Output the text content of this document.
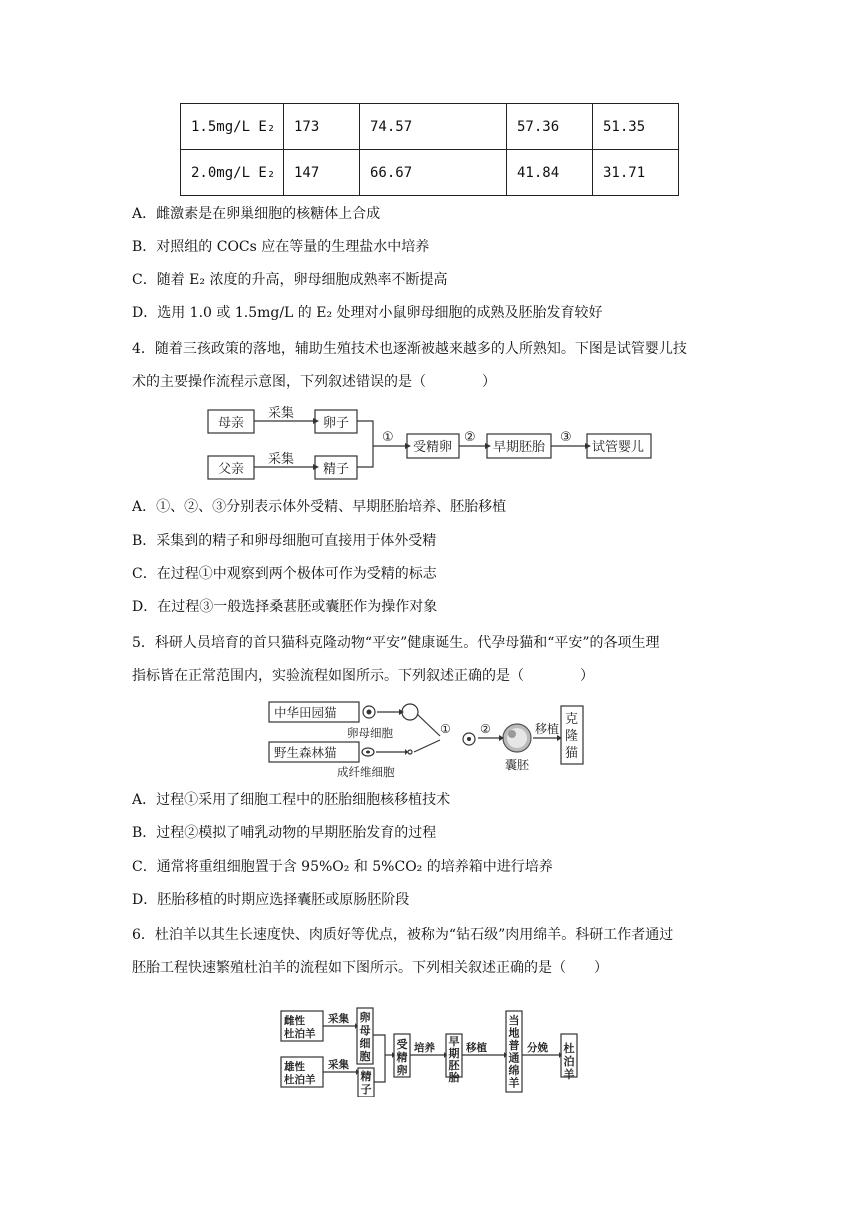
1.5mg/L E₂	173	74.57	57.36	51.35
2.0mg/L E₂	147	66.67	41.84	31.71
A．雌激素是在卵巢细胞的核糖体上合成
B．对照组的 COCs 应在等量的生理盐水中培养
C．随着 E₂ 浓度的升高，卵母细胞成熟率不断提高
D．选用 1.0 或 1.5mg/L 的 E₂ 处理对小鼠卵母细胞的成熟及胚胎发育较好
4．随着三孩政策的落地，辅助生殖技术也逐渐被越来越多的人所熟知。下图是试管婴儿技
术的主要操作流程示意图，下列叙述错误的是（　　　　）
母亲
父亲
采集
采集
卵子
精子
①
受精卵
②
早期胚胎
③
试管婴儿
A．①、②、③分别表示体外受精、早期胚胎培养、胚胎移植
B．采集到的精子和卵母细胞可直接用于体外受精
C．在过程①中观察到两个极体可作为受精的标志
D．在过程③一般选择桑葚胚或囊胚作为操作对象
5．科研人员培育的首只猫科克隆动物“平安”健康诞生。代孕母猫和“平安”的各项生理
指标皆在正常范围内，实验流程如图所示。下列叙述正确的是（　　　　）
中华田园猫
野生森林猫
卵母细胞
成纤维细胞
① ②
囊胚
移植
克隆猫
A．过程①采用了细胞工程中的胚胎细胞核移植技术
B．过程②模拟了哺乳动物的早期胚胎发育的过程
C．通常将重组细胞置于含 95%O₂ 和 5%CO₂ 的培养箱中进行培养
D．胚胎移植的时期应选择囊胚或原肠胚阶段
6．杜泊羊以其生长速度快、肉质好等优点，被称为“钻石级”肉用绵羊。科研工作者通过
胚胎工程快速繁殖杜泊羊的流程如下图所示。下列相关叙述正确的是（　　）
雌性
杜泊羊
雄性
杜泊羊
采集
采集
培养	移植	分娩
卵母细胞
精子
受精卵
早期胚胎
当地普通绵羊
杜泊羊
